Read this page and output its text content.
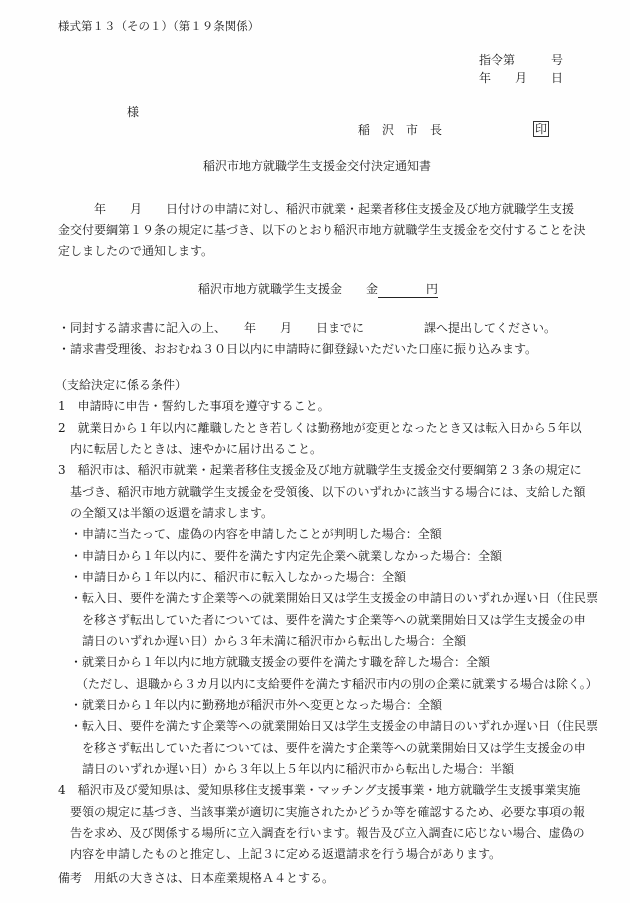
様式第１３（その１）（第１９条関係）
指令第　　　号
年　　月　　日
様
稲　沢　市　長	印
稲沢市地方就職学生支援金交付決定通知書
　　　年　　月　　日付けの申請に対し、稲沢市就業・起業者移住支援金及び地方就職学生支援
金交付要綱第１９条の規定に基づき、以下のとおり稲沢市地方就職学生支援金を交付することを決
定しましたので通知します。
稲沢市地方就職学生支援金　　金　　　　	円
・同封する請求書に記入の上、　　年　　月　　日までに　　　　　課へ提出してください。
・請求書受理後、おおむね３０日以内に申請時に御登録いただいた口座に振り込みます。
（支給決定に係る条件）
1　申請時に申告・誓約した事項を遵守すること。
2　就業日から１年以内に離職したとき若しくは勤務地が変更となったとき又は転入日から５年以
　内に転居したときは、速やかに届け出ること。
3　稲沢市は、稲沢市就業・起業者移住支援金及び地方就職学生支援金交付要綱第２３条の規定に
　基づき、稲沢市地方就職学生支援金を受領後、以下のいずれかに該当する場合には、支給した額
　の全額又は半額の返還を請求します。
　・申請に当たって、虚偽の内容を申請したことが判明した場合：全額
　・申請日から１年以内に、要件を満たす内定先企業へ就業しなかった場合：全額
　・申請日から１年以内に、稲沢市に転入しなかった場合：全額
　・転入日、要件を満たす企業等への就業開始日又は学生支援金の申請日のいずれか遅い日（住民票
　　を移さず転出していた者については、要件を満たす企業等への就業開始日又は学生支援金の申
　　請日のいずれか遅い日）から３年未満に稲沢市から転出した場合：全額
　・就業日から１年以内に地方就職支援金の要件を満たす職を辞した場合：全額
　　（ただし、退職から３カ月以内に支給要件を満たす稲沢市内の別の企業に就業する場合は除く。）
　・就業日から１年以内に勤務地が稲沢市外へ変更となった場合：全額
　・転入日、要件を満たす企業等への就業開始日又は学生支援金の申請日のいずれか遅い日（住民票
　　を移さず転出していた者については、要件を満たす企業等への就業開始日又は学生支援金の申
　　請日のいずれか遅い日）から３年以上５年以内に稲沢市から転出した場合：半額
4　稲沢市及び愛知県は、愛知県移住支援事業・マッチング支援事業・地方就職学生支援事業実施
　要領の規定に基づき、当該事業が適切に実施されたかどうか等を確認するため、必要な事項の報
　告を求め、及び関係する場所に立入調査を行います。報告及び立入調査に応じない場合、虚偽の
　内容を申請したものと推定し、上記３に定める返還請求を行う場合があります。
備考　用紙の大きさは、日本産業規格Ａ４とする。
